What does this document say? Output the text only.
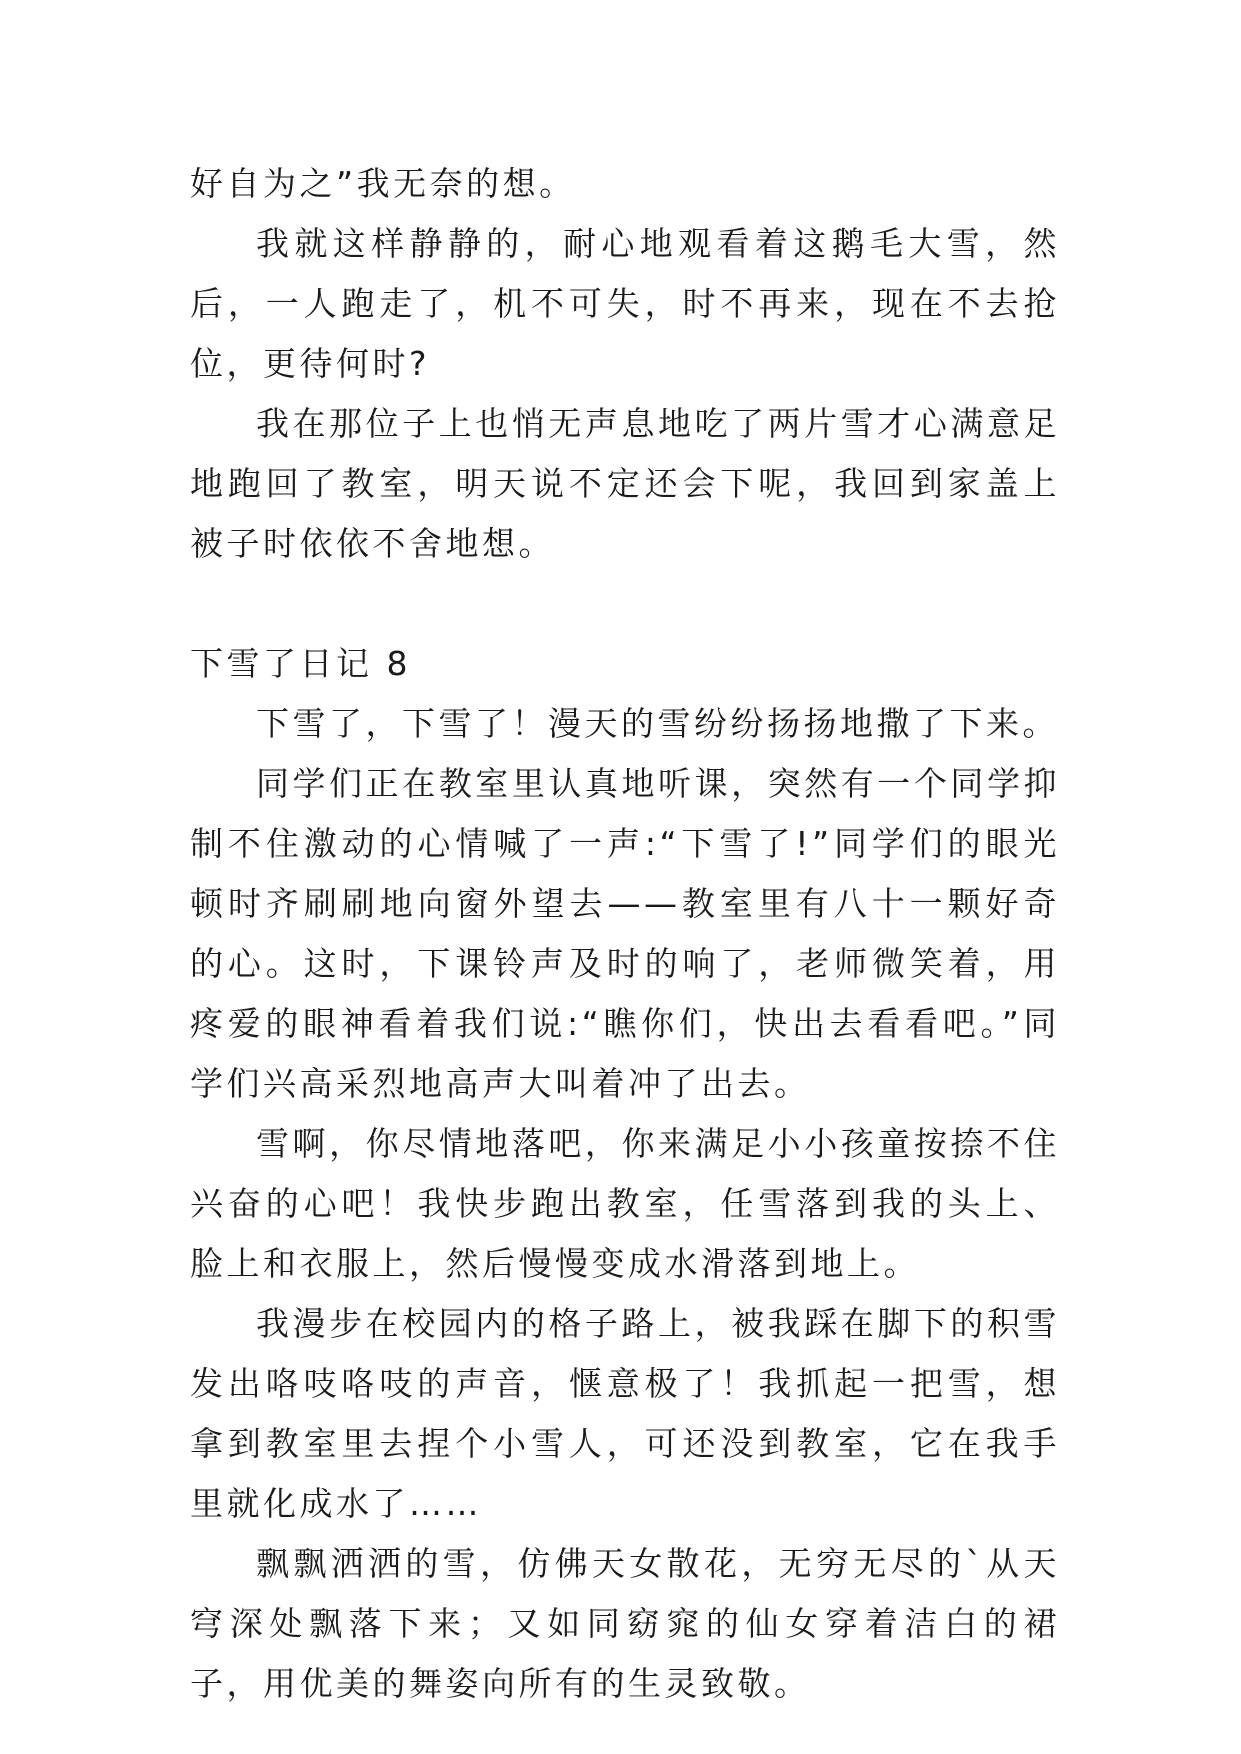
好自为之”我无奈的想。

我就这样静静的，耐心地观看着这鹅毛大雪，然后，一人跑走了，机不可失，时不再来，现在不去抢位，更待何时?

我在那位子上也悄无声息地吃了两片雪才心满意足地跑回了教室，明天说不定还会下呢，我回到家盖上被子时依依不舍地想。

下雪了日记 8

下雪了，下雪了！漫天的雪纷纷扬扬地撒了下来。

同学们正在教室里认真地听课，突然有一个同学抑制不住激动的心情喊了一声:“下雪了!”同学们的眼光顿时齐刷刷地向窗外望去——教室里有八十一颗好奇的心。这时，下课铃声及时的响了，老师微笑着，用疼爱的眼神看着我们说:“瞧你们，快出去看看吧。”同学们兴高采烈地高声大叫着冲了出去。

雪啊，你尽情地落吧，你来满足小小孩童按捺不住兴奋的心吧！我快步跑出教室，任雪落到我的头上、脸上和衣服上，然后慢慢变成水滑落到地上。

我漫步在校园内的格子路上，被我踩在脚下的积雪发出咯吱咯吱的声音，惬意极了！我抓起一把雪，想拿到教室里去捏个小雪人，可还没到教室，它在我手里就化成水了……

飘飘洒洒的雪，仿佛天女散花，无穷无尽的`从天穹深处飘落下来；又如同窈窕的仙女穿着洁白的裙子，用优美的舞姿向所有的生灵致敬。
